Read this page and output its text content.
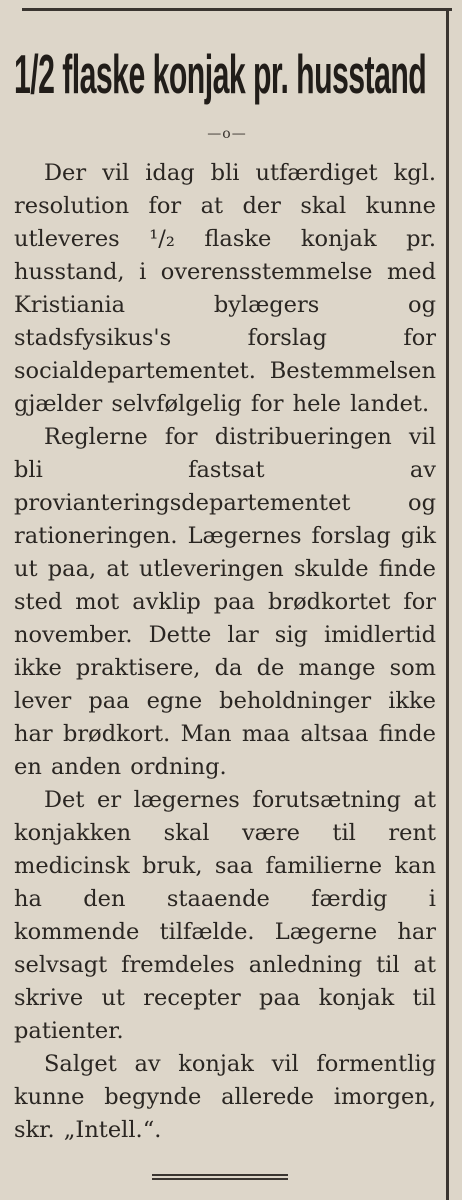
1/2 flaske konjak pr. husstand
—o—

Der vil idag bli utfærdiget kgl. resolution for at der skal kunne utleveres ¹/₂ flaske konjak pr. husstand, i overensstemmelse med Kristiania bylægers og stadsfysikus's forslag for socialdepartementet. Bestemmelsen gjælder selvfølgelig for hele landet.

Reglerne for distribueringen vil bli fastsat av provianteringsdepartementet og rationeringen. Lægernes forslag gik ut paa, at utleveringen skulde finde sted mot avklip paa brødkortet for november. Dette lar sig imidlertid ikke praktisere, da de mange som lever paa egne beholdninger ikke har brødkort. Man maa altsaa finde en anden ordning.

Det er lægernes forutsætning at konjakken skal være til rent medicinsk bruk, saa familierne kan ha den staaende færdig i kommende tilfælde. Lægerne har selvsagt fremdeles anledning til at skrive ut recepter paa konjak til patienter.

Salget av konjak vil formentlig kunne begynde allerede imorgen, skr. „Intell.“.
